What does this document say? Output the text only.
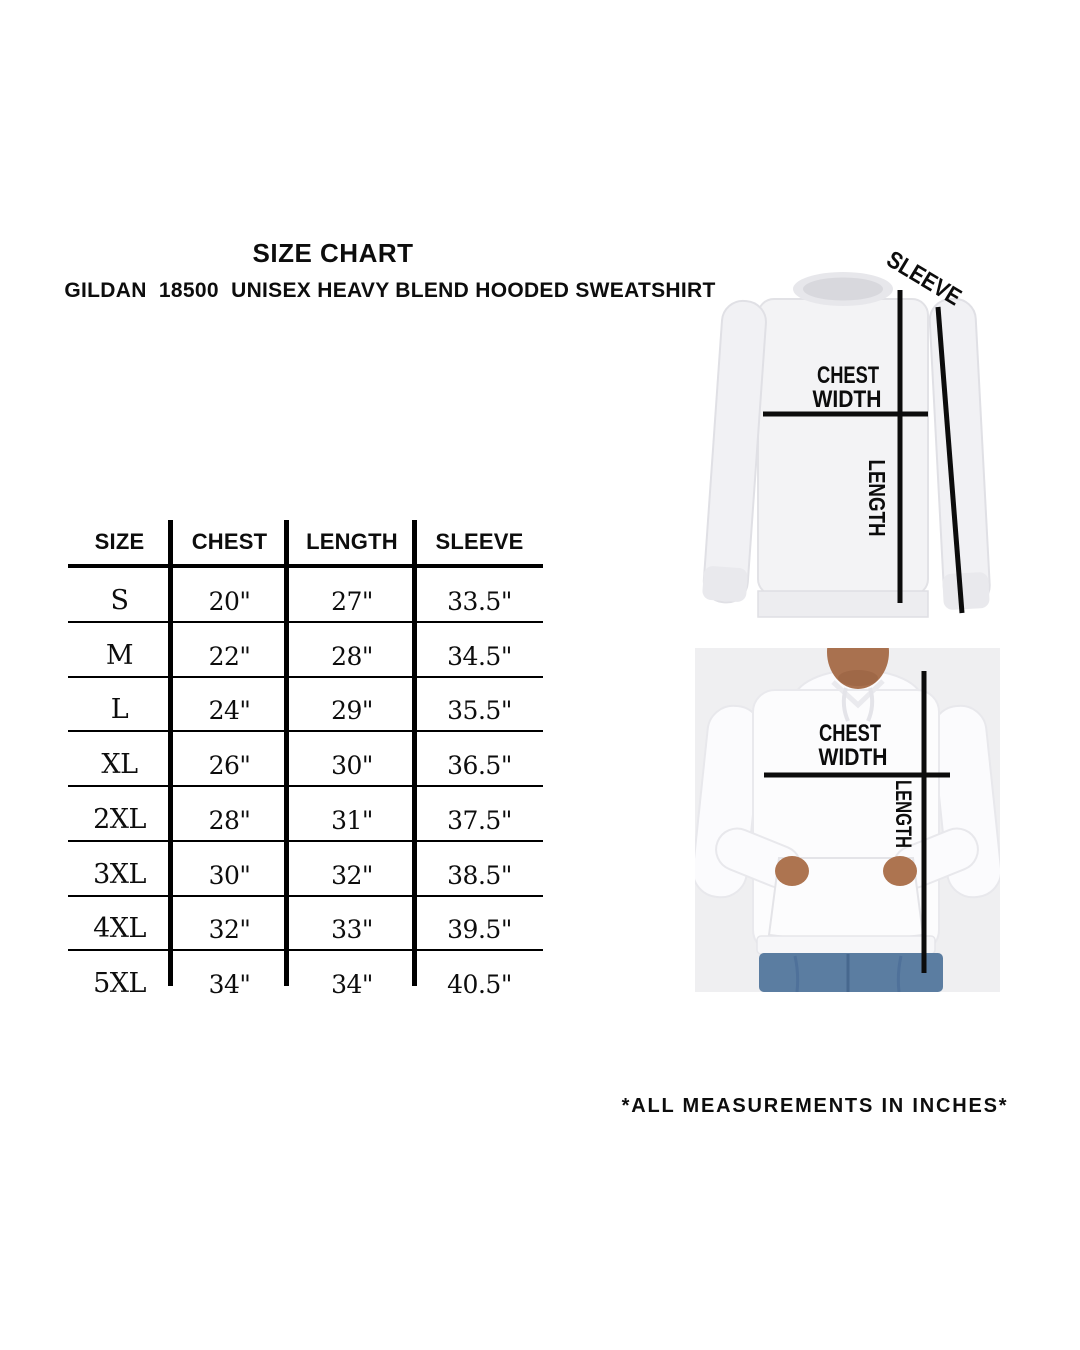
SIZE CHART
GILDAN  18500  UNISEX HEAVY BLEND HOODED SWEATSHIRT
SIZE	CHEST	LENGTH	SLEEVE
S	20"	27"	33.5"
M	22"	28"	34.5"
L	24"	29"	35.5"
XL	26"	30"	36.5"
2XL	28"	31"	37.5"
3XL	30"	32"	38.5"
4XL	32"	33"	39.5"
5XL	34"	34"	40.5"
SLEEVE
CHEST
WIDTH
LENGTH
CHEST
WIDTH
LENGTH
*ALL MEASUREMENTS IN INCHES*
